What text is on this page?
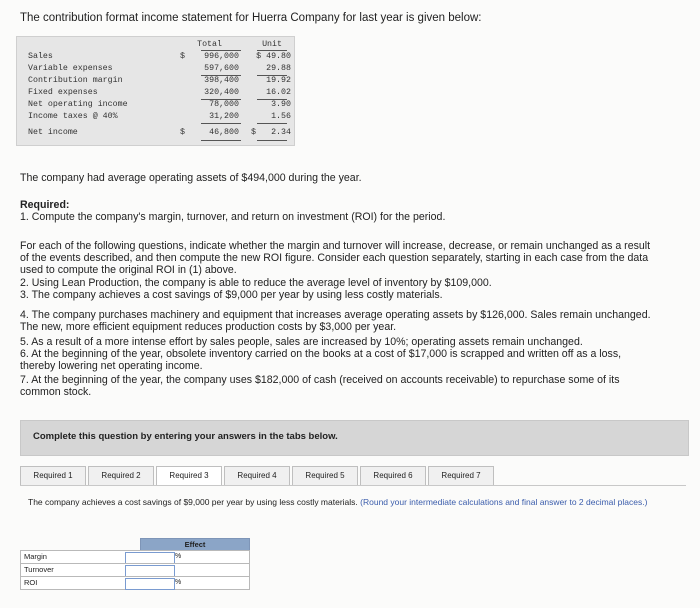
The contribution format income statement for Huerra Company for last year is given below:
Total	Unit
Sales	$ 996,000 $ 49.80
Variable expenses	597,600	29.88
Contribution margin	398,400	19.92
Fixed expenses	320,400	16.02
Net operating income	78,000	3.90
Income taxes @ 40%	31,200	1.56
Net income	$	46,800 $ 2.34
The company had average operating assets of $494,000 during the year.
Required:
1. Compute the company's margin, turnover, and return on investment (ROI) for the period.
For each of the following questions, indicate whether the margin and turnover will increase, decrease, or remain unchanged as a result
of the events described, and then compute the new ROI figure. Consider each question separately, starting in each case from the data
used to compute the original ROI in (1) above.
2. Using Lean Production, the company is able to reduce the average level of inventory by $109,000.
3. The company achieves a cost savings of $9,000 per year by using less costly materials.
4. The company purchases machinery and equipment that increases average operating assets by $126,000. Sales remain unchanged.
The new, more efficient equipment reduces production costs by $3,000 per year.
5. As a result of a more intense effort by sales people, sales are increased by 10%; operating assets remain unchanged.
6. At the beginning of the year, obsolete inventory carried on the books at a cost of $17,000 is scrapped and written off as a loss,
thereby lowering net operating income.
7. At the beginning of the year, the company uses $182,000 of cash (received on accounts receivable) to repurchase some of its
common stock.
Complete this question by entering your answers in the tabs below.
Required 1	Required 2	Required 3	Required 4	Required 5	Required 6	Required 7
The company achieves a cost savings of $9,000 per year by using less costly materials. (Round your intermediate calculations and final answer to 2 decimal places.)
Effect
Margin	%
Turnover
ROI	%
